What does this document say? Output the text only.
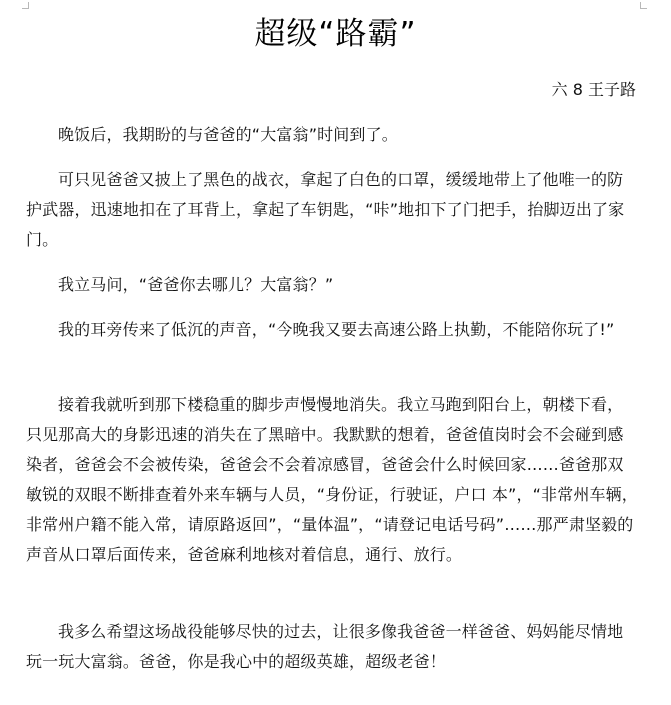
超级“路霸”
六 8 王子路

晚饭后，我期盼的与爸爸的“大富翁”时间到了。

可只见爸爸又披上了黑色的战衣，拿起了白色的口罩，缓缓地带上了他唯一的防护武器，迅速地扣在了耳背上，拿起了车钥匙，“咔”地扣下了门把手，抬脚迈出了家门。

我立马问，“爸爸你去哪儿？大富翁？”

我的耳旁传来了低沉的声音，“今晚我又要去高速公路上执勤，不能陪你玩了!”

接着我就听到那下楼稳重的脚步声慢慢地消失。我立马跑到阳台上，朝楼下看，只见那高大的身影迅速的消失在了黑暗中。我默默的想着，爸爸值岗时会不会碰到感染者，爸爸会不会被传染，爸爸会不会着凉感冒，爸爸会什么时候回家……爸爸那双敏锐的双眼不断排查着外来车辆与人员，“身份证，行驶证，户口 本”，“非常州车辆，非常州户籍不能入常，请原路返回”，“量体温”，“请登记电话号码”……那严肃坚毅的声音从口罩后面传来，爸爸麻利地核对着信息，通行、放行。

我多么希望这场战役能够尽快的过去，让很多像我爸爸一样爸爸、妈妈能尽情地玩一玩大富翁。爸爸，你是我心中的超级英雄，超级老爸！
